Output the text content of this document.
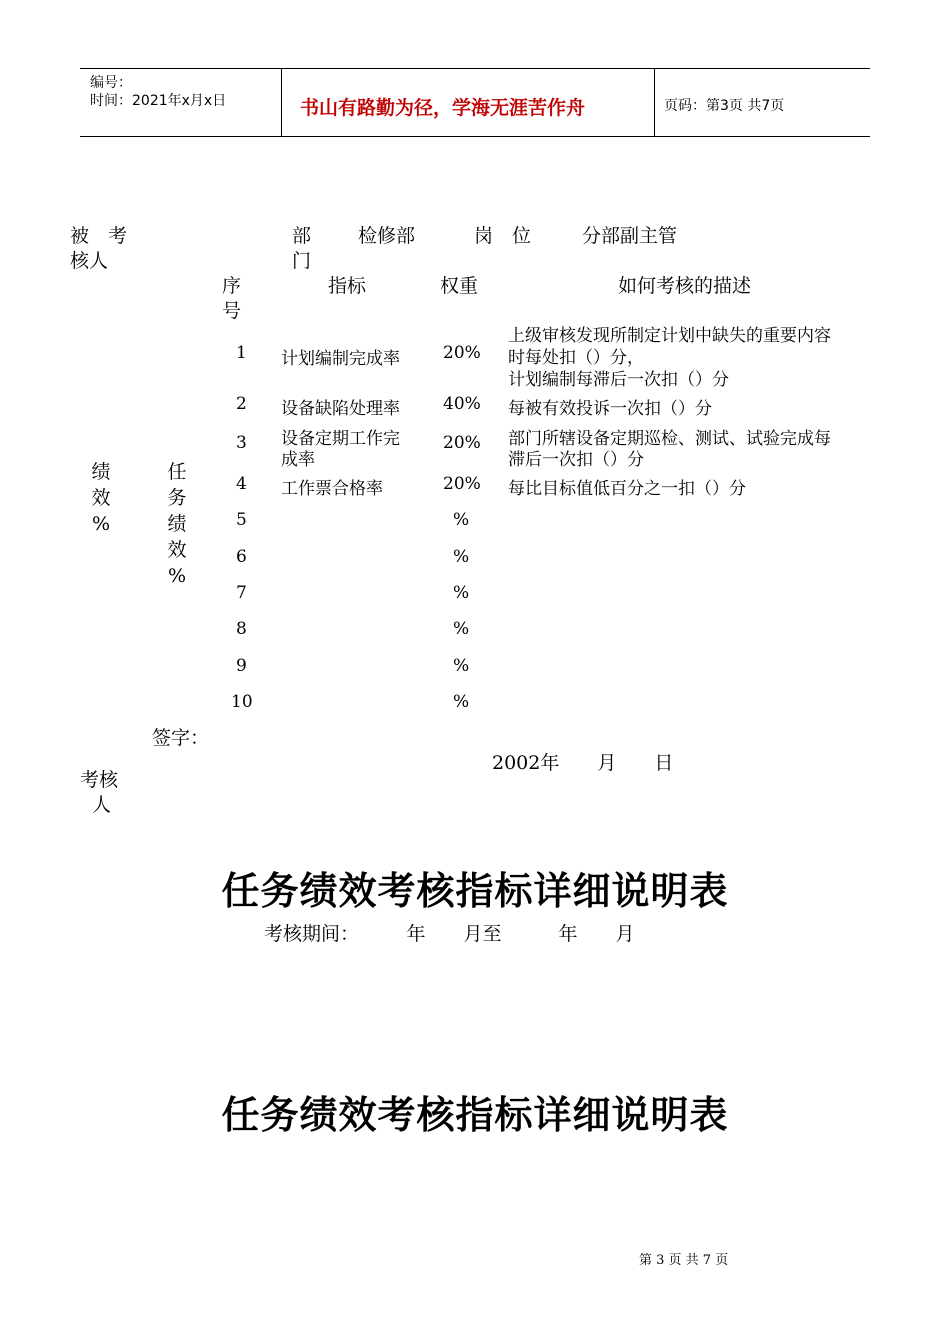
编号：
时间：2021年x月x日	书山有路勤为径，学海无涯苦作舟	页码：第3页 共7页
被　考
核人
部
门
检修部	岗　位	分部副主管
序
号
指标	权重	如何考核的描述
绩
效
%
任
务
绩
效
%
1 计划编制完成率	20%
上级审核发现所制定计划中缺失的重要内容
时每处扣（）分，
计划编制每滞后一次扣（）分
2 设备缺陷处理率	40% 每被有效投诉一次扣（）分
3 设备定期工作完
成率
20% 部门所辖设备定期巡检、测试、试验完成每
滞后一次扣（）分
4 工作票合格率	20% 每比目标值低百分之一扣（）分
5	%
6	%
7	%
8	%
9	%
10	%
签字：
考核
人
2002年　　月　　日
任务绩效考核指标详细说明表
考核期间：　　　年　　月至　　　年　　月
任务绩效考核指标详细说明表
第 3 页 共 7 页
